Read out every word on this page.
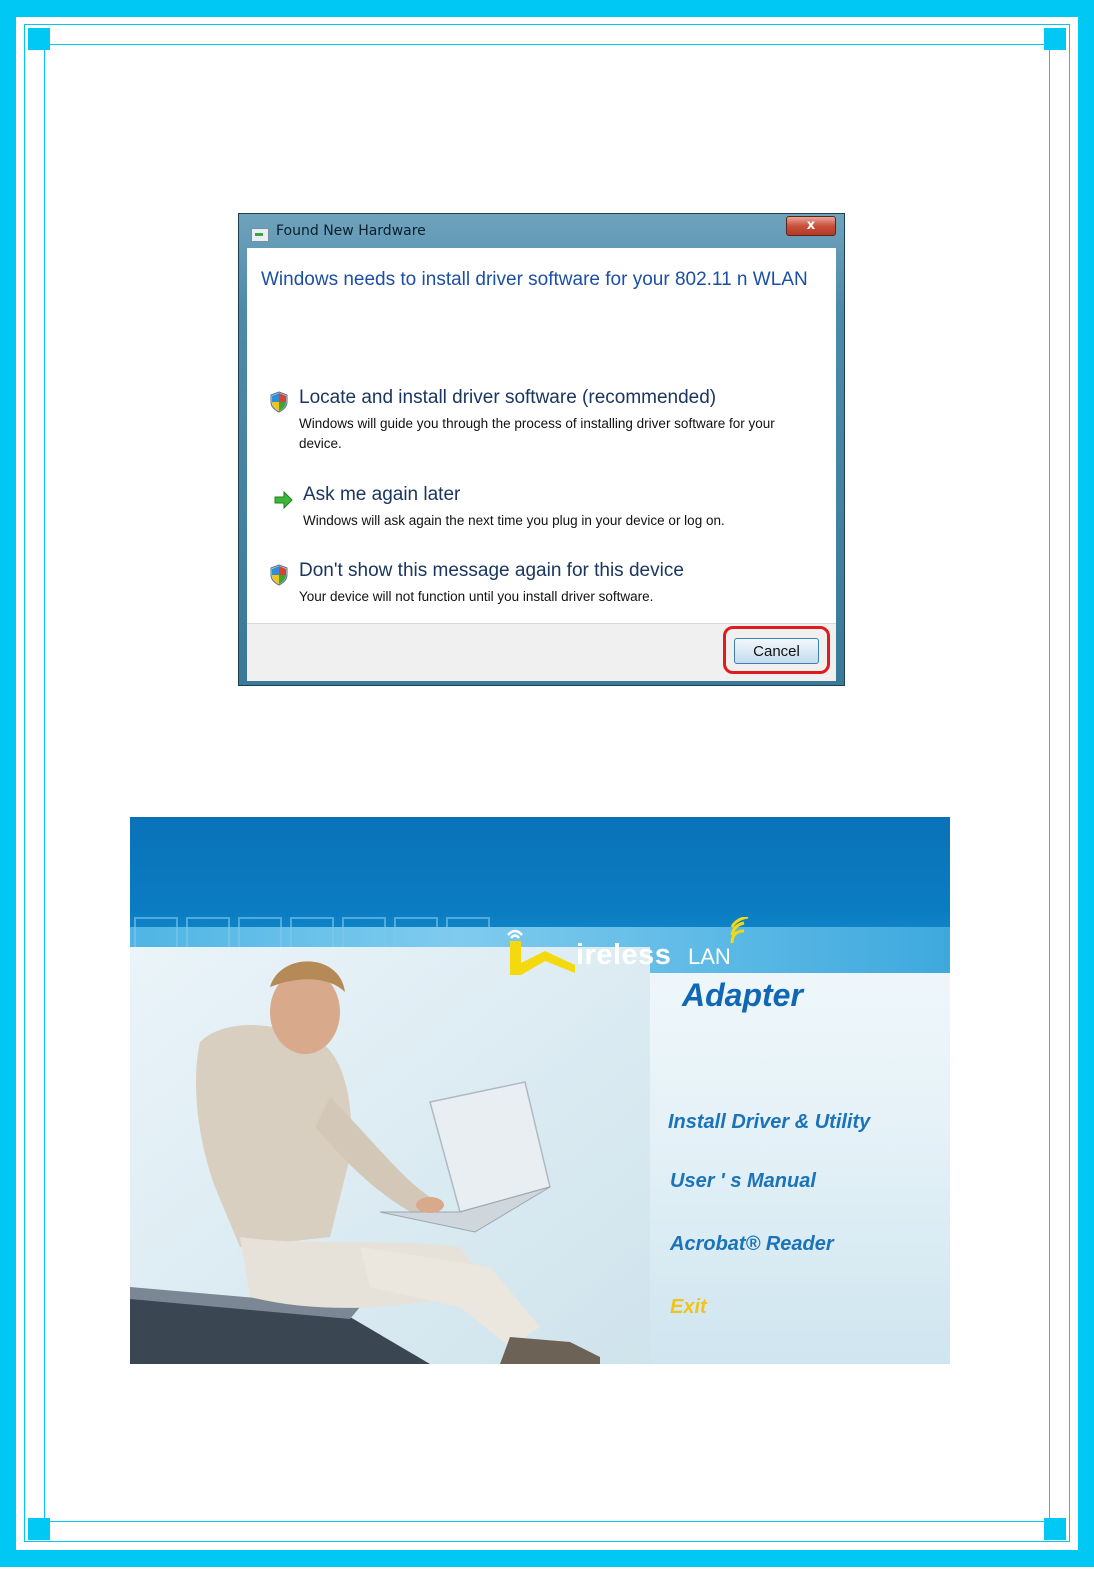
Found New Hardware	x
Windows needs to install driver software for your 802.11 n WLAN
Locate and install driver software (recommended)
Windows will guide you through the process of installing driver software for your device.
Ask me again later
Windows will ask again the next time you plug in your device or log on.
Don't show this message again for this device
Your device will not function until you install driver software.
Cancel
ireless LAN
Adapter
Install Driver & Utility
User ' s Manual
Acrobat® Reader
Exit
